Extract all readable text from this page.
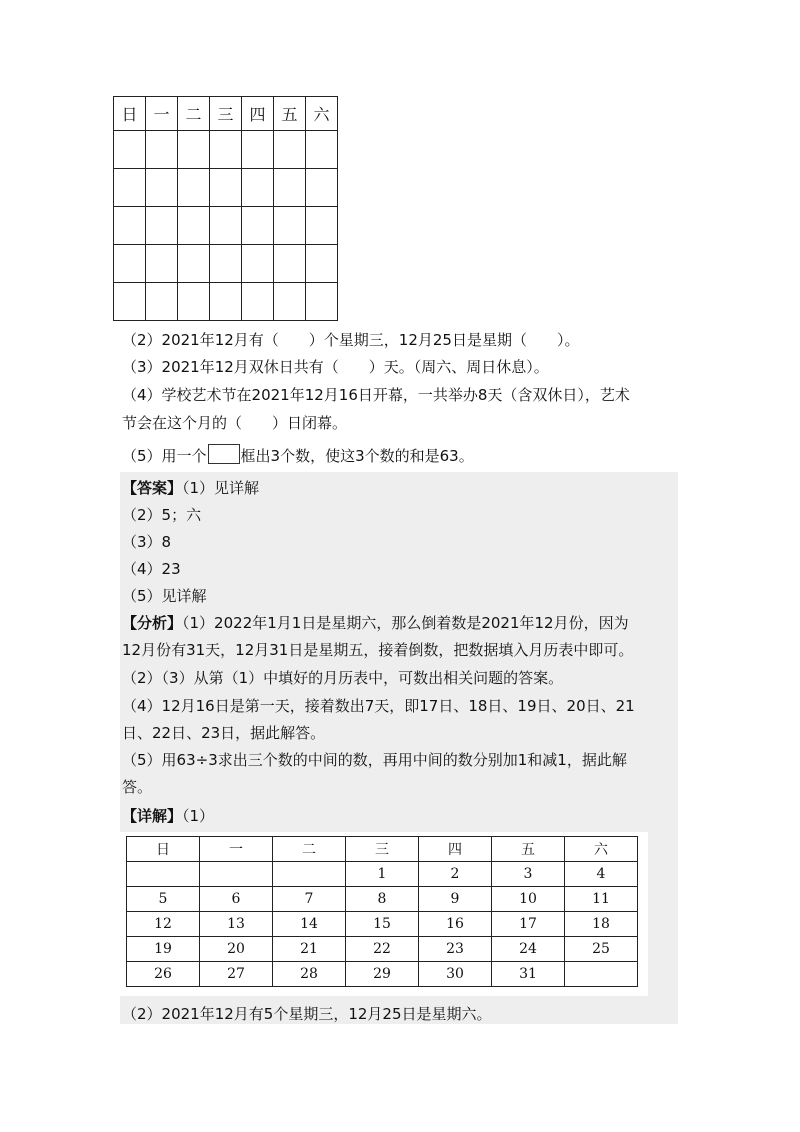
日	一	二	三	四	五	六

（2）2021年12月有（　　）个星期三，12月25日是星期（　　）。
（3）2021年12月双休日共有（　　）天。（周六、周日休息）。
（4）学校艺术节在2021年12月16日开幕，一共举办8天（含双休日），艺术
节会在这个月的（　　）日闭幕。
（5）用一个 框出3个数，使这3个数的和是63。
【答案】（1）见详解
（2）5；六
（3）8
（4）23
（5）见详解
【分析】（1）2022年1月1日是星期六，那么倒着数是2021年12月份，因为
12月份有31天，12月31日是星期五，接着倒数，把数据填入月历表中即可。
（2）（3）从第（1）中填好的月历表中，可数出相关问题的答案。
（4）12月16日是第一天，接着数出7天，即17日、18日、19日、20日、21
日、22日、23日，据此解答。
（5）用63÷3求出三个数的中间的数，再用中间的数分别加1和减1，据此解
答。
【详解】（1）
日	一	二	三	四	五	六
			1	2	3	4
5	6	7	8	9	10	11
12	13	14	15	16	17	18
19	20	21	22	23	24	25
26	27	28	29	30	31	
（2）2021年12月有5个星期三，12月25日是星期六。
